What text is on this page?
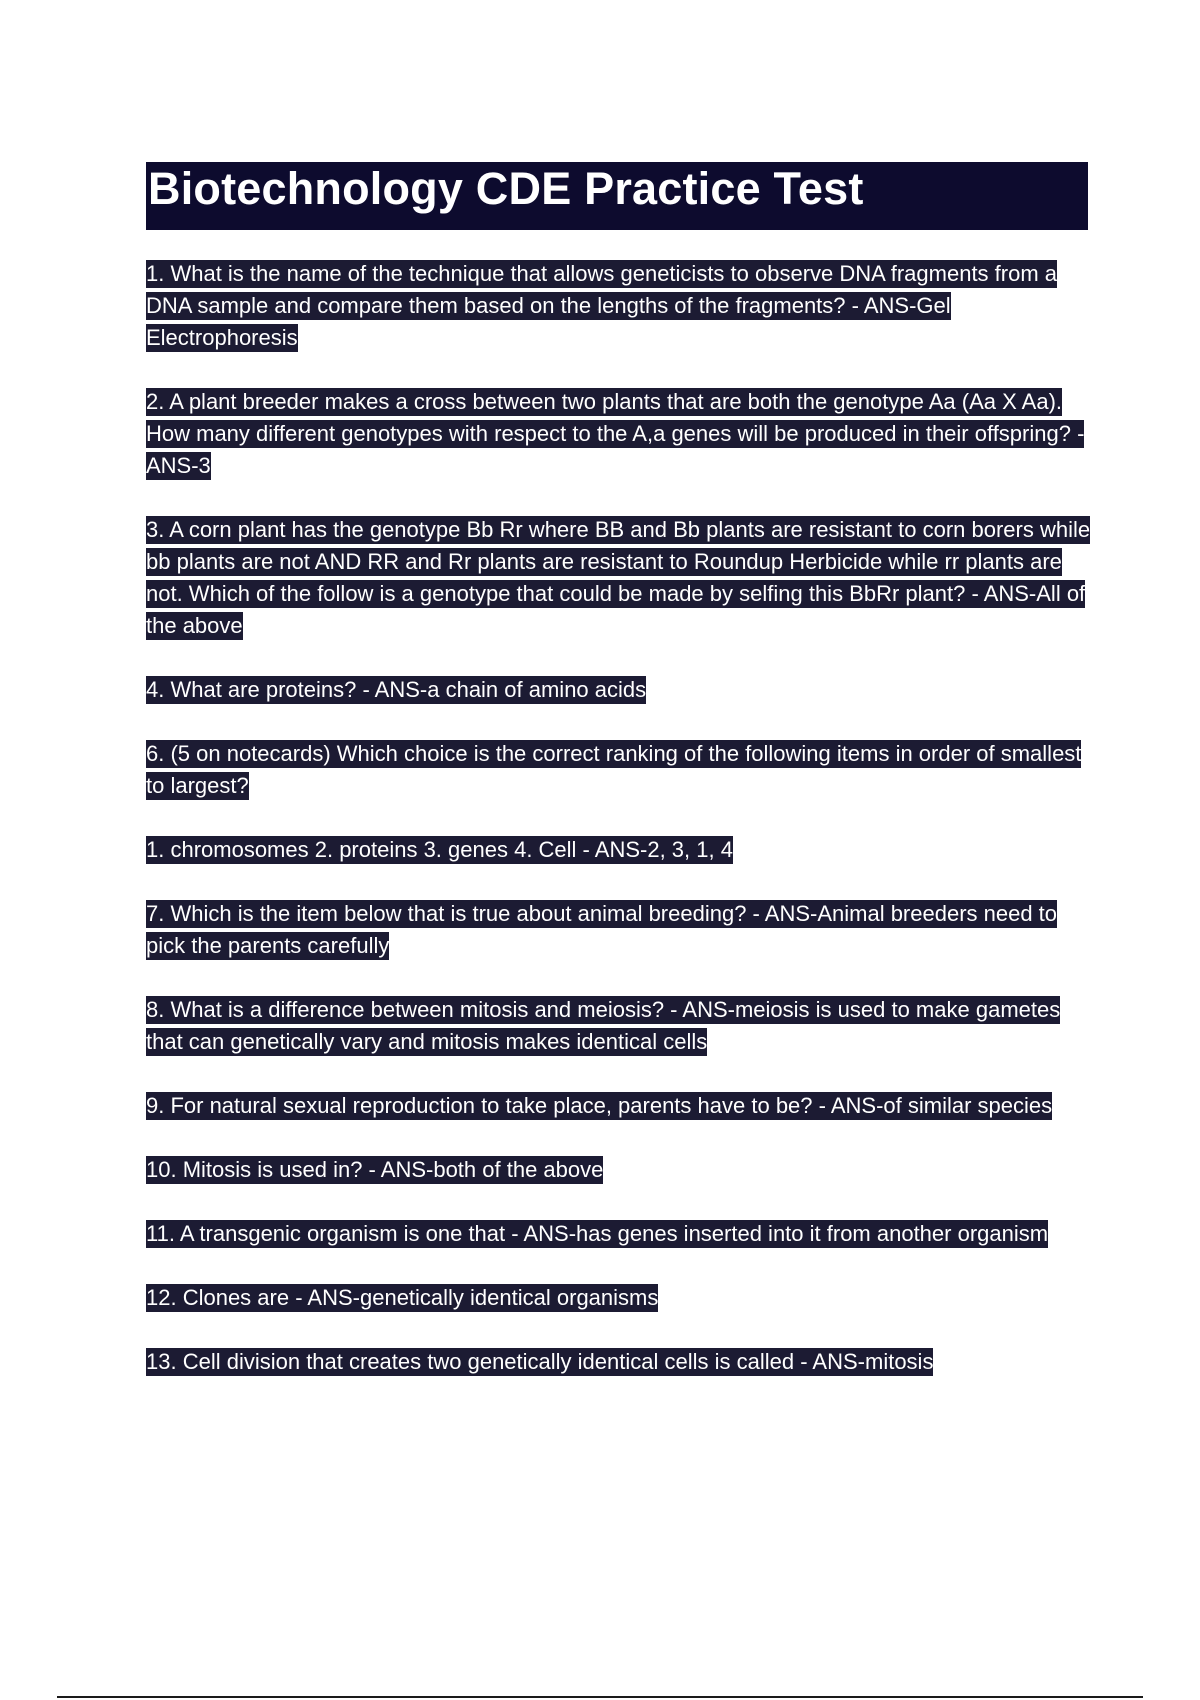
Biotechnology CDE Practice Test
1. What is the name of the technique that allows geneticists to observe DNA fragments from a DNA sample and compare them based on the lengths of the fragments? - ANS-Gel Electrophoresis
2. A plant breeder makes a cross between two plants that are both the genotype Aa (Aa X Aa). How many different genotypes with respect to the A,a genes will be produced in their offspring? - ANS-3
3. A corn plant has the genotype Bb Rr where BB and Bb plants are resistant to corn borers while bb plants are not AND RR and Rr plants are resistant to Roundup Herbicide while rr plants are not. Which of the follow is a genotype that could be made by selfing this BbRr plant? - ANS-All of the above
4. What are proteins? - ANS-a chain of amino acids
6. (5 on notecards) Which choice is the correct ranking of the following items in order of smallest to largest?
1. chromosomes 2. proteins 3. genes 4. Cell - ANS-2, 3, 1, 4
7. Which is the item below that is true about animal breeding? - ANS-Animal breeders need to pick the parents carefully
8. What is a difference between mitosis and meiosis? - ANS-meiosis is used to make gametes that can genetically vary and mitosis makes identical cells
9. For natural sexual reproduction to take place, parents have to be? - ANS-of similar species
10. Mitosis is used in? - ANS-both of the above
11. A transgenic organism is one that - ANS-has genes inserted into it from another organism
12. Clones are - ANS-genetically identical organisms
13. Cell division that creates two genetically identical cells is called - ANS-mitosis
